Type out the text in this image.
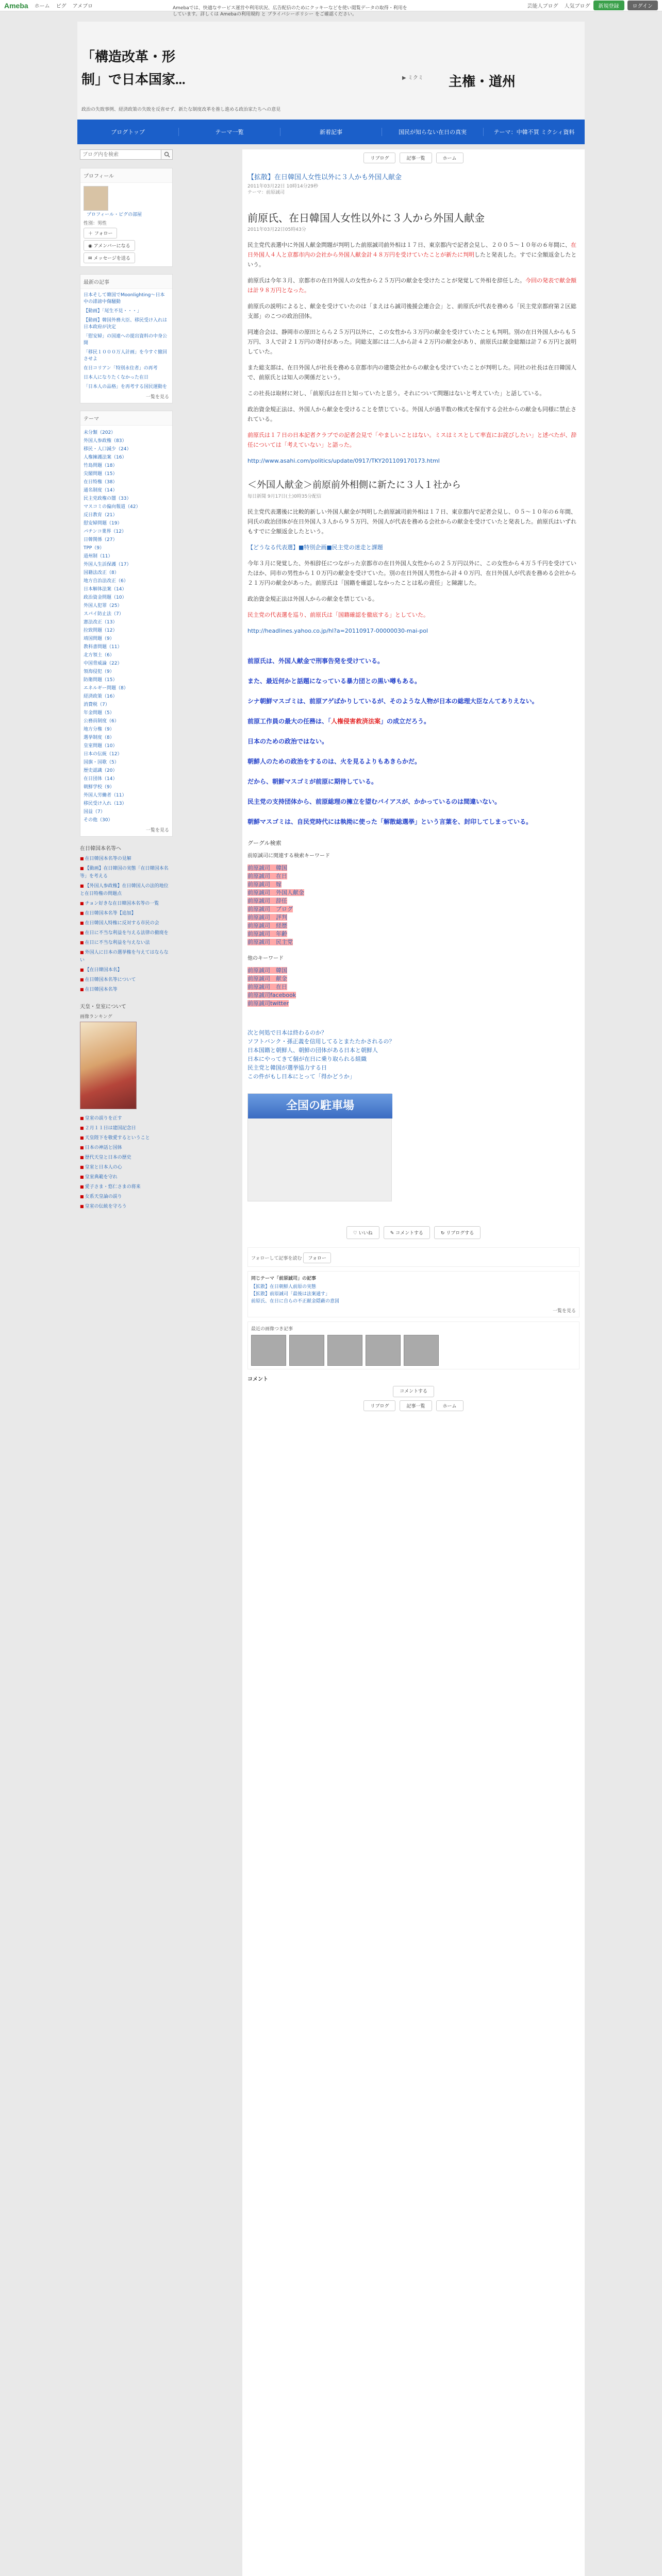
Ameba ホーム ピグ アメブロ	芸能人ブログ 人気ブログ	新規登録	ログイン
Amebaでは、快適なサービス運営や利用状況、広告配信のためにクッキーなどを使い閲覧データの取得・利用をしています。詳しくは Amebaの利用規約 と プライバシーポリシー をご確認ください。
「構造改革・形
制」で日本国家...	▶ ミクミ 主権・道州
政治の失敗事例、経済政策の失敗を反省せず、新たな制度改革を推し進める政治家たちへの意見
ブログトップ	テーマ一覧	新着記事	国民が知らない在日の真実	テーマ：中韓不買 ミクシィ資料
ブログ内を検索
プロフィール
プロフィール・ピグの部屋
性別：男性
＋ フォロー ◉ アメンバーになる ✉ メッセージを送る
最新の記事
日本そして韓国でMoonlighting～日本中の誹謗中傷騒動
【動画】「尾生不見・・・」
【動画】韓国外務大臣、移民受け入れは日本政府が決定
「慰安婦」の国連への提出資料の中身公開
「移民１０００万人計画」を今すぐ撤回させよ
在日コリアン「特別永住者」の再考
日本人になりたくなかった在日
「日本人の品格」を再考する国民運動を
一覧を見る
テーマ
未分類（202）
外国人参政権（83）
移民・人口減少（24）
人権擁護法案（16）
竹島問題（18）
尖閣問題（15）
在日特権（38）
通名制度（14）
民主党政権の闇（33）
マスコミの偏向報道（42）
反日教育（21）
慰安婦問題（19）
パチンコ業界（12）
日韓関係（27）
TPP（9）
道州制（11）
外国人生活保護（17）
国籍法改正（8）
地方自治法改正（6）
日本解体法案（14）
政治資金問題（10）
外国人犯罪（25）
スパイ防止法（7）
憲法改正（13）
拉致問題（12）
靖国問題（9）
教科書問題（11）
北方領土（6）
中国脅威論（22）
領海侵犯（9）
防衛問題（15）
エネルギー問題（8）
経済政策（16）
消費税（7）
年金問題（5）
公務員制度（6）
地方分権（9）
選挙制度（8）
皇室問題（10）
日本の伝統（12）
国旗・国歌（5）
歴史認識（20）
在日団体（14）
朝鮮学校（9）
外国人労働者（11）
移民受け入れ（13）
国益（7）
その他（30）
一覧を見る
在日韓国本名等へ
■ 在日韓国本名等の見解
■ 【動画】在日韓国の実態「在日韓国本名等」を考える
■ 【外国人参政権】在日韓国人の法的地位と在日特権の問題点
■ チョン好きな在日韓国本名等の一覧
■ 在日韓国本名等【追加】
■ 在日韓国人特権に反対する市民の会
■ 在日に不当な利益を与える法律の撤廃を
■ 在日に不当な利益を与えない法
■ 外国人に日本の選挙権を与えてはならない
■ 【在日韓国本名】
■ 在日韓国本名等について
■ 在日韓国本名等
天皇・皇室について
画像ランキング
■ 皇室の誤りを正す
■ ２月１１日は建国記念日
■ 天皇陛下を敬愛するということ
■ 日本の神話と国体
■ 歴代天皇と日本の歴史
■ 皇室と日本人の心
■ 皇室典範を守れ
■ 愛子さま・悠仁さまの将来
■ 女系天皇論の誤り
■ 皇室の伝統を守ろう
リブログ	記事一覧	ホーム
【拡散】在日韓国人女性以外に３人かも外国人献金
2011年03月22日 10時14分29秒
テーマ：前原誠司
前原氏、在日韓国人女性以外に３人から外国人献金
2011年03月22日05時43分

民主党代表選中に外国人献金問題が判明した前原誠司前外相は１７日、東京都内で記者会見し、２００５～１０年の６年間に、在日外国人４人と京都市内の会社から外国人献金計４８万円を受けていたことが新たに判明したと発表した。すでに全額返金したという。

前原氏は今年３月、京都市の在日外国人の女性から２５万円の献金を受けたことが発覚して外相を辞任した。今回の発表で献金額は計９８万円となった。

前原氏の説明によると、献金を受けていたのは「まえはら誠司後援会連合会」と、前原氏が代表を務める「民主党京都府第２区総支部」のこつの政治団体。

同連合会は、静岡市の原田とらら２５万円以外に、この女性から３万円の献金を受けていたことも判明。別の在日外国人からも５万円、３人で計２１万円の寄付があった。同総支部には二人から計４２万円の献金があり、前原氏は献金総額は計７６万円と説明していた。

また総支部は、在日外国人が社長を務める京都市内の建築会社からの献金も受けていたことが判明した。同社の社長は在日韓国人で、前原氏とは知人の関係だという。

この社長は取材に対し、「前原氏は在日と知っていたと思う。それについて問題はないと考えていた」と話している。

政治資金規正法は、外国人から献金を受けることを禁じている。外国人が過半数の株式を保有する会社からの献金も同様に禁止されている。

前原氏は１７日の日本記者クラブでの記者会見で「やましいことはない。ミスはミスとして率直にお詫びしたい」と述べたが、辞任については「考えていない」と語った。

http://www.asahi.com/politics/update/0917/TKY201109170173.html

＜外国人献金＞前原前外相側に新たに３人１社から
毎日新聞 9月17日(土)0時35分配信

民主党代表選後に比較的新しい外国人献金が判明した前原誠司前外相は１７日、東京都内で記者会見し、０５～１０年の６年間、同氏の政治団体が在日外国人３人から９５万円、外国人が代表を務める会社からの献金を受けていたと発表した。前原氏はいずれもすでに全額返金したという。

【どうなる代表選】■特別企画■民主党の迷走と課題

今年３月に発覚した、外相辞任につながった京都市の在日外国人女性からの２５万円以外に、この女性から４万５千円を受けていたほか、同市の男性から１０万円の献金を受けていた。別の在日外国人男性から計４０万円、在日外国人が代表を務める会社から２１万円の献金があった。前原氏は「国籍を確認しなかったことは私の責任」と陳謝した。

政治資金規正法は外国人からの献金を禁じている。

民主党の代表選を巡り、前原氏は「国籍確認を徹底する」としていた。

http://headlines.yahoo.co.jp/hl?a=20110917-00000030-mai-pol

前原氏は、外国人献金で刑事告発を受けている。

また、最近何かと話題になっている暴力団との黒い噂もある。

シナ朝鮮マスゴミは、前原アゲばかりしているが、そのような人物が日本の総理大臣なんてありえない。

前原工作員の最大の任務は、「人権侵害救済法案」の成立だろう。

日本のための政治ではない。

朝鮮人のための政治をするのは、火を見るよりもあきらかだ。

だから、朝鮮マスゴミが前原に期待している。

民主党の支持団体から、前原総理の擁立を望むバイアスが、かかっているのは間違いない。

朝鮮マスゴミは、自民党時代には執拗に使った「解散総選挙」という言葉を、封印してしまっている。

グーグル検索
前原誠司に関連する検索キーワード
前原誠司　韓国
前原誠司　在日
前原誠司　嫁
前原誠司　外国人献金
前原誠司　辞任
前原誠司　ブログ
前原誠司　評判
前原誠司　経歴
前原誠司　年齢
前原誠司　民主党
他のキーワード
前原誠司　韓国
前原誠司　献金
前原誠司　在日
前原誠司facebook
前原誠司twitter
次と何処で日本は終わるのか？
ソフトバンク・孫正義を信用してるとまたたかされるの？
日本国籍と朝鮮人、朝鮮の団体がある日本と朝鮮人
日本にやってきて個が在日に乗り取られる組織
民主党と韓国が選挙協力する日
この件がもし日本にとって「得かどうか」
全国の駐車場
♡ いいね	✎ コメントする	↻ リブログする
フォローして記事を読む フォロー
同じテーマ「前原誠司」の記事
【拡散】在日朝鮮人前原の実態
【拡散】前原誠司「最後は法案通す」
前原氏、在日に自らの不正献金隠蔽の意図
一覧を見る
最近の画像つき記事
コメント
コメントする
リブログ	記事一覧	ホーム
